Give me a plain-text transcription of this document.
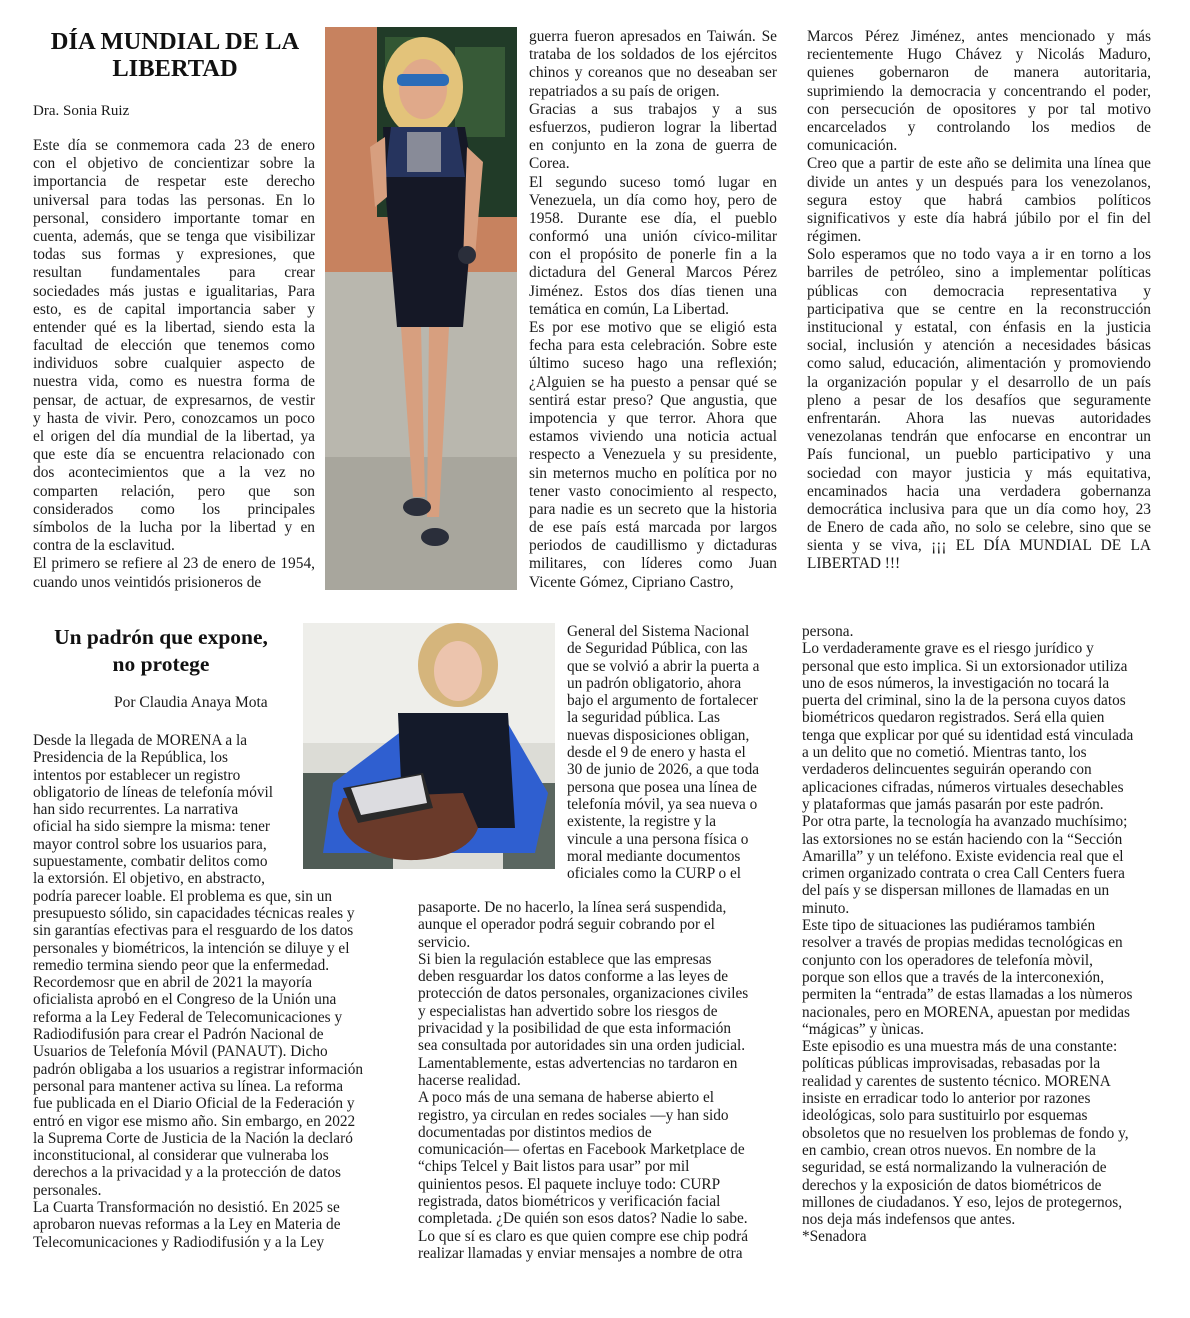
DÍA MUNDIAL DE LA
LIBERTAD
Dra. Sonia Ruiz
Este día se conmemora cada 23 de enero
con el objetivo de concientizar sobre la
importancia de respetar este derecho
universal para todas las personas. En lo
personal, considero importante tomar en
cuenta, además, que se tenga que visibilizar
todas sus formas y expresiones, que
resultan fundamentales para crear
sociedades más justas e igualitarias, Para
esto, es de capital importancia saber y
entender qué es la libertad, siendo esta la
facultad de elección que tenemos como
individuos sobre cualquier aspecto de
nuestra vida, como es nuestra forma de
pensar, de actuar, de expresarnos, de vestir
y hasta de vivir. Pero, conozcamos un poco
el origen del día mundial de la libertad, ya
que este día se encuentra relacionado con
dos acontecimientos que a la vez no
comparten relación, pero que son
considerados como los principales
símbolos de la lucha por la libertad y en
contra de la esclavitud.
El primero se refiere al 23 de enero de 1954,
cuando unos veintidós prisioneros de
guerra fueron apresados en Taiwán. Se
trataba de los soldados de los ejércitos
chinos y coreanos que no deseaban ser
repatriados a su país de origen.
Gracias a sus trabajos y a sus
esfuerzos, pudieron lograr la libertad
en conjunto en la zona de guerra de
Corea.
El segundo suceso tomó lugar en
Venezuela, un día como hoy, pero de
1958. Durante ese día, el pueblo
conformó una unión cívico-militar
con el propósito de ponerle fin a la
dictadura del General Marcos Pérez
Jiménez. Estos dos días tienen una
temática en común, La Libertad.
Es por ese motivo que se eligió esta
fecha para esta celebración. Sobre este
último suceso hago una reflexión;
¿Alguien se ha puesto a pensar qué se
sentirá estar preso? Que angustia, que
impotencia y que terror. Ahora que
estamos viviendo una noticia actual
respecto a Venezuela y su presidente,
sin meternos mucho en política por no
tener vasto conocimiento al respecto,
para nadie es un secreto que la historia
de ese país está marcada por largos
periodos de caudillismo y dictaduras
militares, con líderes como Juan
Vicente Gómez, Cipriano Castro,
Marcos Pérez Jiménez, antes mencionado y más
recientemente Hugo Chávez y Nicolás Maduro,
quienes gobernaron de manera autoritaria,
suprimiendo la democracia y concentrando el poder,
con persecución de opositores y por tal motivo
encarcelados y controlando los medios de
comunicación.
Creo que a partir de este año se delimita una línea que
divide un antes y un después para los venezolanos,
segura estoy que habrá cambios políticos
significativos y este día habrá júbilo por el fin del
régimen.
Solo esperamos que no todo vaya a ir en torno a los
barriles de petróleo, sino a implementar políticas
públicas con democracia representativa y
participativa que se centre en la reconstrucción
institucional y estatal, con énfasis en la justicia
social, inclusión y atención a necesidades básicas
como salud, educación, alimentación y promoviendo
la organización popular y el desarrollo de un país
pleno a pesar de los desafíos que seguramente
enfrentarán. Ahora las nuevas autoridades
venezolanas tendrán que enfocarse en encontrar un
País funcional, un pueblo participativo y una
sociedad con mayor justicia y más equitativa,
encaminados hacia una verdadera gobernanza
democrática inclusiva para que un día como hoy, 23
de Enero de cada año, no solo se celebre, sino que se
sienta y se viva, ¡¡¡ EL DÍA MUNDIAL DE LA
LIBERTAD !!!
Un padrón que expone,
no protege
Por Claudia Anaya Mota
Desde la llegada de MORENA a la
Presidencia de la República, los
intentos por establecer un registro
obligatorio de líneas de telefonía móvil
han sido recurrentes. La narrativa
oficial ha sido siempre la misma: tener
mayor control sobre los usuarios para,
supuestamente, combatir delitos como
la extorsión. El objetivo, en abstracto,
podría parecer loable. El problema es que, sin un
presupuesto sólido, sin capacidades técnicas reales y
sin garantías efectivas para el resguardo de los datos
personales y biométricos, la intención se diluye y el
remedio termina siendo peor que la enfermedad.
Recordemosr que en abril de 2021 la mayoría
oficialista aprobó en el Congreso de la Unión una
reforma a la Ley Federal de Telecomunicaciones y
Radiodifusión para crear el Padrón Nacional de
Usuarios de Telefonía Móvil (PANAUT). Dicho
padrón obligaba a los usuarios a registrar información
personal para mantener activa su línea. La reforma
fue publicada en el Diario Oficial de la Federación y
entró en vigor ese mismo año. Sin embargo, en 2022
la Suprema Corte de Justicia de la Nación la declaró
inconstitucional, al considerar que vulneraba los
derechos a la privacidad y a la protección de datos
personales.
La Cuarta Transformación no desistió. En 2025 se
aprobaron nuevas reformas a la Ley en Materia de
Telecomunicaciones y Radiodifusión y a la Ley
General del Sistema Nacional
de Seguridad Pública, con las
que se volvió a abrir la puerta a
un padrón obligatorio, ahora
bajo el argumento de fortalecer
la seguridad pública. Las
nuevas disposiciones obligan,
desde el 9 de enero y hasta el
30 de junio de 2026, a que toda
persona que posea una línea de
telefonía móvil, ya sea nueva o
existente, la registre y la
vincule a una persona física o
moral mediante documentos
oficiales como la CURP o el
pasaporte. De no hacerlo, la línea será suspendida,
aunque el operador podrá seguir cobrando por el
servicio.
Si bien la regulación establece que las empresas
deben resguardar los datos conforme a las leyes de
protección de datos personales, organizaciones civiles
y especialistas han advertido sobre los riesgos de
privacidad y la posibilidad de que esta información
sea consultada por autoridades sin una orden judicial.
Lamentablemente, estas advertencias no tardaron en
hacerse realidad.
A poco más de una semana de haberse abierto el
registro, ya circulan en redes sociales —y han sido
documentadas por distintos medios de
comunicación— ofertas en Facebook Marketplace de
“chips Telcel y Bait listos para usar” por mil
quinientos pesos. El paquete incluye todo: CURP
registrada, datos biométricos y verificación facial
completada. ¿De quién son esos datos? Nadie lo sabe.
Lo que sí es claro es que quien compre ese chip podrá
realizar llamadas y enviar mensajes a nombre de otra
persona.
Lo verdaderamente grave es el riesgo jurídico y
personal que esto implica. Si un extorsionador utiliza
uno de esos números, la investigación no tocará la
puerta del criminal, sino la de la persona cuyos datos
biométricos quedaron registrados. Será ella quien
tenga que explicar por qué su identidad está vinculada
a un delito que no cometió. Mientras tanto, los
verdaderos delincuentes seguirán operando con
aplicaciones cifradas, números virtuales desechables
y plataformas que jamás pasarán por este padrón.
Por otra parte, la tecnología ha avanzado muchísimo;
las extorsiones no se están haciendo con la “Sección
Amarilla” y un teléfono. Existe evidencia real que el
crimen organizado contrata o crea Call Centers fuera
del país y se dispersan millones de llamadas en un
minuto.
Este tipo de situaciones las pudiéramos también
resolver a través de propias medidas tecnológicas en
conjunto con los operadores de telefonía mòvil,
porque son ellos que a través de la interconexión,
permiten la “entrada” de estas llamadas a los nùmeros
nacionales, pero en MORENA, apuestan por medidas
“mágicas” y ùnicas.
Este episodio es una muestra más de una constante:
políticas públicas improvisadas, rebasadas por la
realidad y carentes de sustento técnico. MORENA
insiste en erradicar todo lo anterior por razones
ideológicas, solo para sustituirlo por esquemas
obsoletos que no resuelven los problemas de fondo y,
en cambio, crean otros nuevos. En nombre de la
seguridad, se está normalizando la vulneración de
derechos y la exposición de datos biométricos de
millones de ciudadanos. Y eso, lejos de protegernos,
nos deja más indefensos que antes.
*Senadora
